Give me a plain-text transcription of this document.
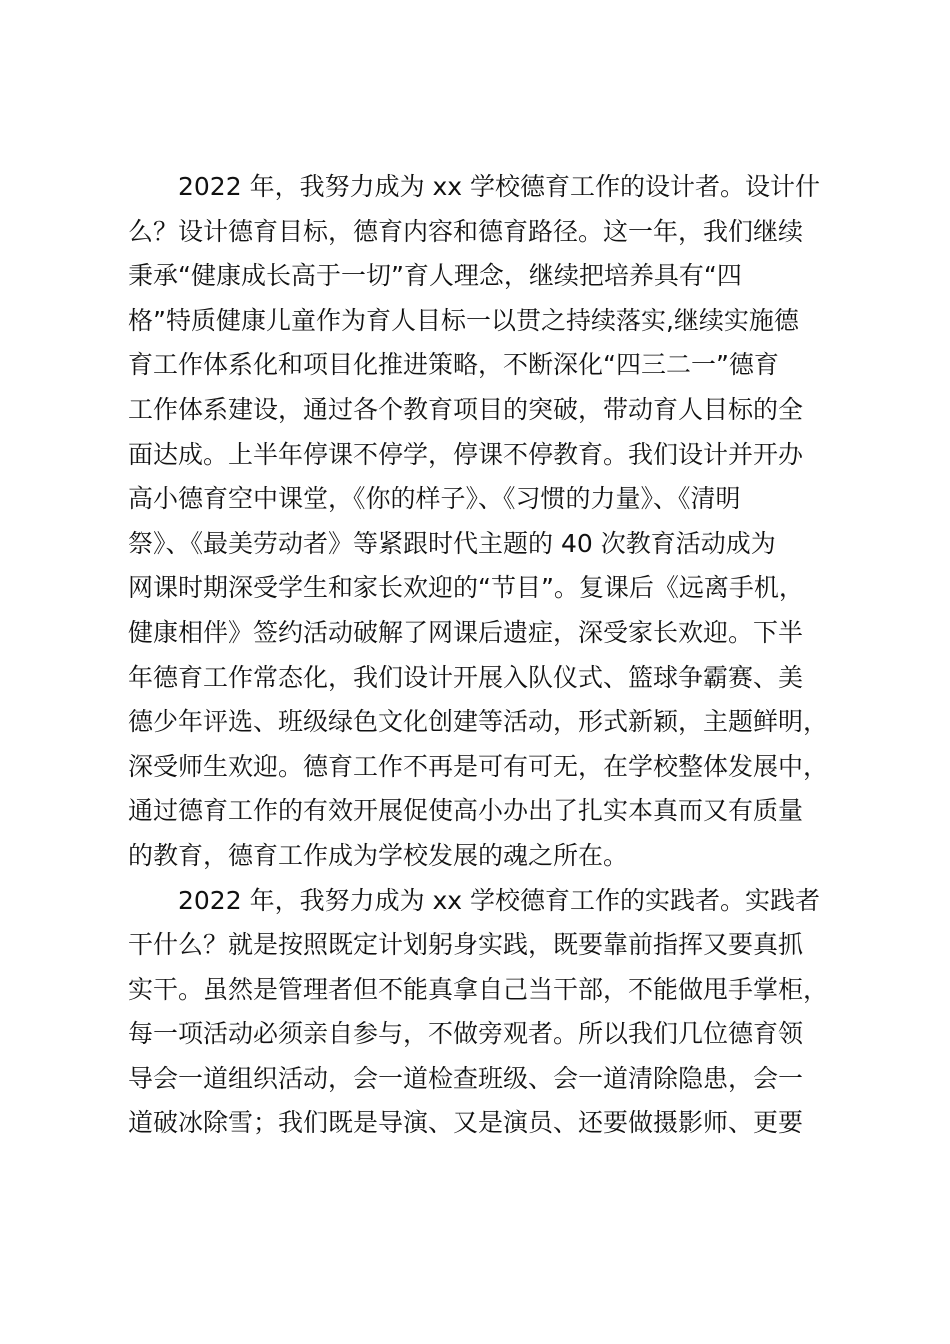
2022 年，我努力成为 xx 学校德育工作的设计者。设计什
么？设计德育目标，德育内容和德育路径。这一年，我们继续
秉承“健康成长高于一切”育人理念，继续把培养具有“四
格”特质健康儿童作为育人目标一以贯之持续落实,继续实施德
育工作体系化和项目化推进策略，不断深化“四三二一”德育
工作体系建设，通过各个教育项目的突破，带动育人目标的全
面达成。上半年停课不停学，停课不停教育。我们设计并开办
高小德育空中课堂，《你的样子》、《习惯的力量》、《清明
祭》、《最美劳动者》等紧跟时代主题的 40 次教育活动成为
网课时期深受学生和家长欢迎的“节目”。复课后《远离手机，
健康相伴》签约活动破解了网课后遗症，深受家长欢迎。下半
年德育工作常态化，我们设计开展入队仪式、篮球争霸赛、美
德少年评选、班级绿色文化创建等活动，形式新颖，主题鲜明，
深受师生欢迎。德育工作不再是可有可无，在学校整体发展中，
通过德育工作的有效开展促使高小办出了扎实本真而又有质量
的教育，德育工作成为学校发展的魂之所在。
2022 年，我努力成为 xx 学校德育工作的实践者。实践者
干什么？就是按照既定计划躬身实践，既要靠前指挥又要真抓
实干。虽然是管理者但不能真拿自己当干部，不能做甩手掌柜，
每一项活动必须亲自参与，不做旁观者。所以我们几位德育领
导会一道组织活动，会一道检查班级、会一道清除隐患，会一
道破冰除雪；我们既是导演、又是演员、还要做摄影师、更要
